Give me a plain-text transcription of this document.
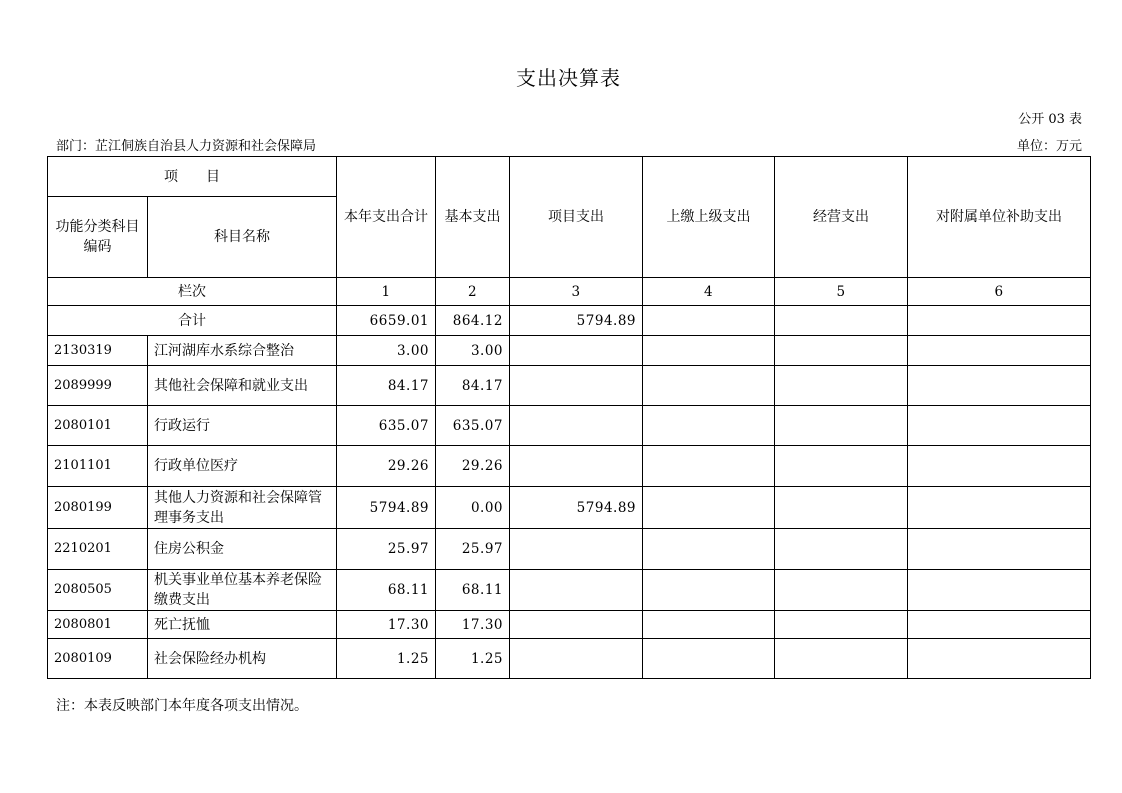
支出决算表
公开 03 表
部门：芷江侗族自治县人力资源和社会保障局	单位：万元
项　　目		本年支出合计	基本支出	项目支出	上缴上级支出	经营支出	对附属单位补助支出
功能分类科目编码	科目名称						
栏次		1	2	3	4	5	6
合计		6659.01	864.12	5794.89			
2130319	江河湖库水系综合整治	3.00	3.00				
2089999	其他社会保障和就业支出	84.17	84.17				
2080101	行政运行	635.07	635.07				
2101101	行政单位医疗	29.26	29.26				
2080199	其他人力资源和社会保障管理事务支出	5794.89	0.00	5794.89			
2210201	住房公积金	25.97	25.97				
2080505	机关事业单位基本养老保险缴费支出	68.11	68.11				
2080801	死亡抚恤	17.30	17.30				
2080109	社会保险经办机构	1.25	1.25				
注：本表反映部门本年度各项支出情况。
